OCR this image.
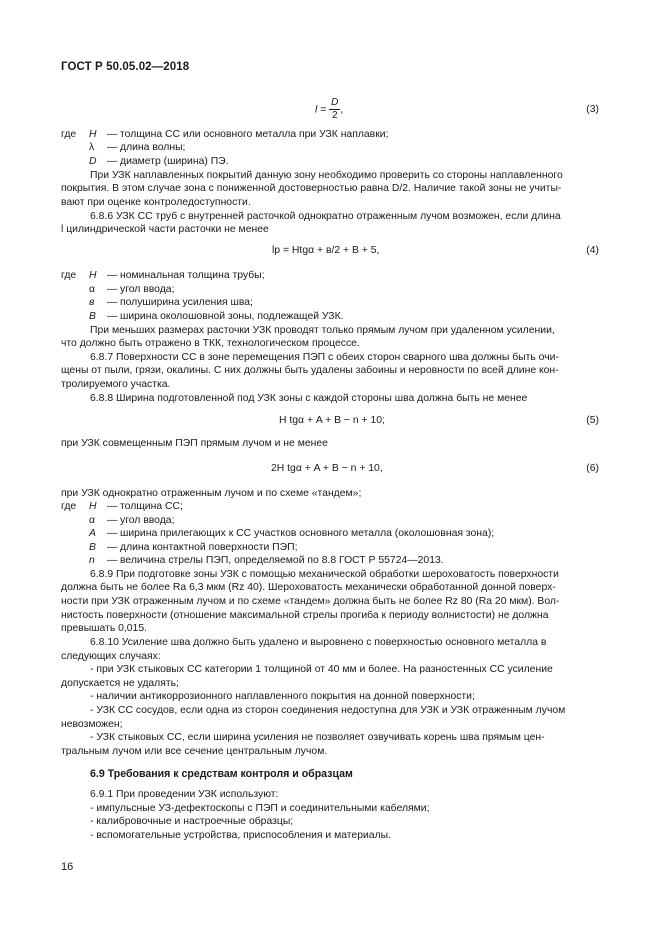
ГОСТ Р 50.05.02—2018
$l = \frac{D}{2}$ ,	(3)
где H — толщина СС или основного металла при УЗК наплавки;
λ — длина волны;
D — диаметр (ширина) ПЭ.
При УЗК наплавленных покрытий данную зону необходимо проверить со стороны наплавленного
покрытия. В этом случае зона с пониженной достоверностью равна D/2. Наличие такой зоны не учиты-
вают при оценке контроледоступности.
6.8.6 УЗК СС труб с внутренней расточкой однократно отраженным лучом возможен, если длина
l цилиндрической части расточки не менее
lp = Htgα + в/2 + B + 5,	(4)
где H — номинальная толщина трубы;
α — угол ввода;
в — полуширина усиления шва;
B — ширина околошовной зоны, подлежащей УЗК.
При меньших размерах расточки УЗК проводят только прямым лучом при удаленном усилении,
что должно быть отражено в ТКК, технологическом процессе.
6.8.7 Поверхности СС в зоне перемещения ПЭП с обеих сторон сварного шва должны быть очи-
щены от пыли, грязи, окалины. С них должны быть удалены забоины и неровности по всей длине кон-
тролируемого участка.
6.8.8 Ширина подготовленной под УЗК зоны с каждой стороны шва должна быть не менее
H tgα + A + B − n + 10;	(5)
при УЗК совмещенным ПЭП прямым лучом и не менее
2H tgα + A + B − n + 10,	(6)
при УЗК однократно отраженным лучом и по схеме «тандем»;
где H — толщина СС;
α — угол ввода;
A — ширина прилегающих к СС участков основного металла (околошовная зона);
B — длина контактной поверхности ПЭП;
n — величина стрелы ПЭП, определяемой по 8.8 ГОСТ Р 55724—2013.
6.8.9 При подготовке зоны УЗК с помощью механической обработки шероховатость поверхности
должна быть не более Ra 6,3 мкм (Rz 40). Шероховатость механически обработанной донной поверх-
ности при УЗК отраженным лучом и по схеме «тандем» должна быть не более Rz 80 (Ra 20 мкм). Вол-
нистость поверхности (отношение максимальной стрелы прогиба к периоду волнистости) не должна
превышать 0,015.
6.8.10 Усиление шва должно быть удалено и выровнено с поверхностью основного металла в
следующих случаях:
- при УЗК стыковых СС категории 1 толщиной от 40 мм и более. На разностенных СС усиление
допускается не удалять;
- наличии антикоррозионного наплавленного покрытия на донной поверхности;
- УЗК СС сосудов, если одна из сторон соединения недоступна для УЗК и УЗК отраженным лучом
невозможен;
- УЗК стыковых СС, если ширина усиления не позволяет озвучивать корень шва прямым цен-
тральным лучом или все сечение центральным лучом.
6.9 Требования к средствам контроля и образцам
6.9.1 При проведении УЗК используют:
- импульсные УЗ-дефектоскопы с ПЭП и соединительными кабелями;
- калибровочные и настроечные образцы;
- вспомогательные устройства, приспособления и материалы.
16
